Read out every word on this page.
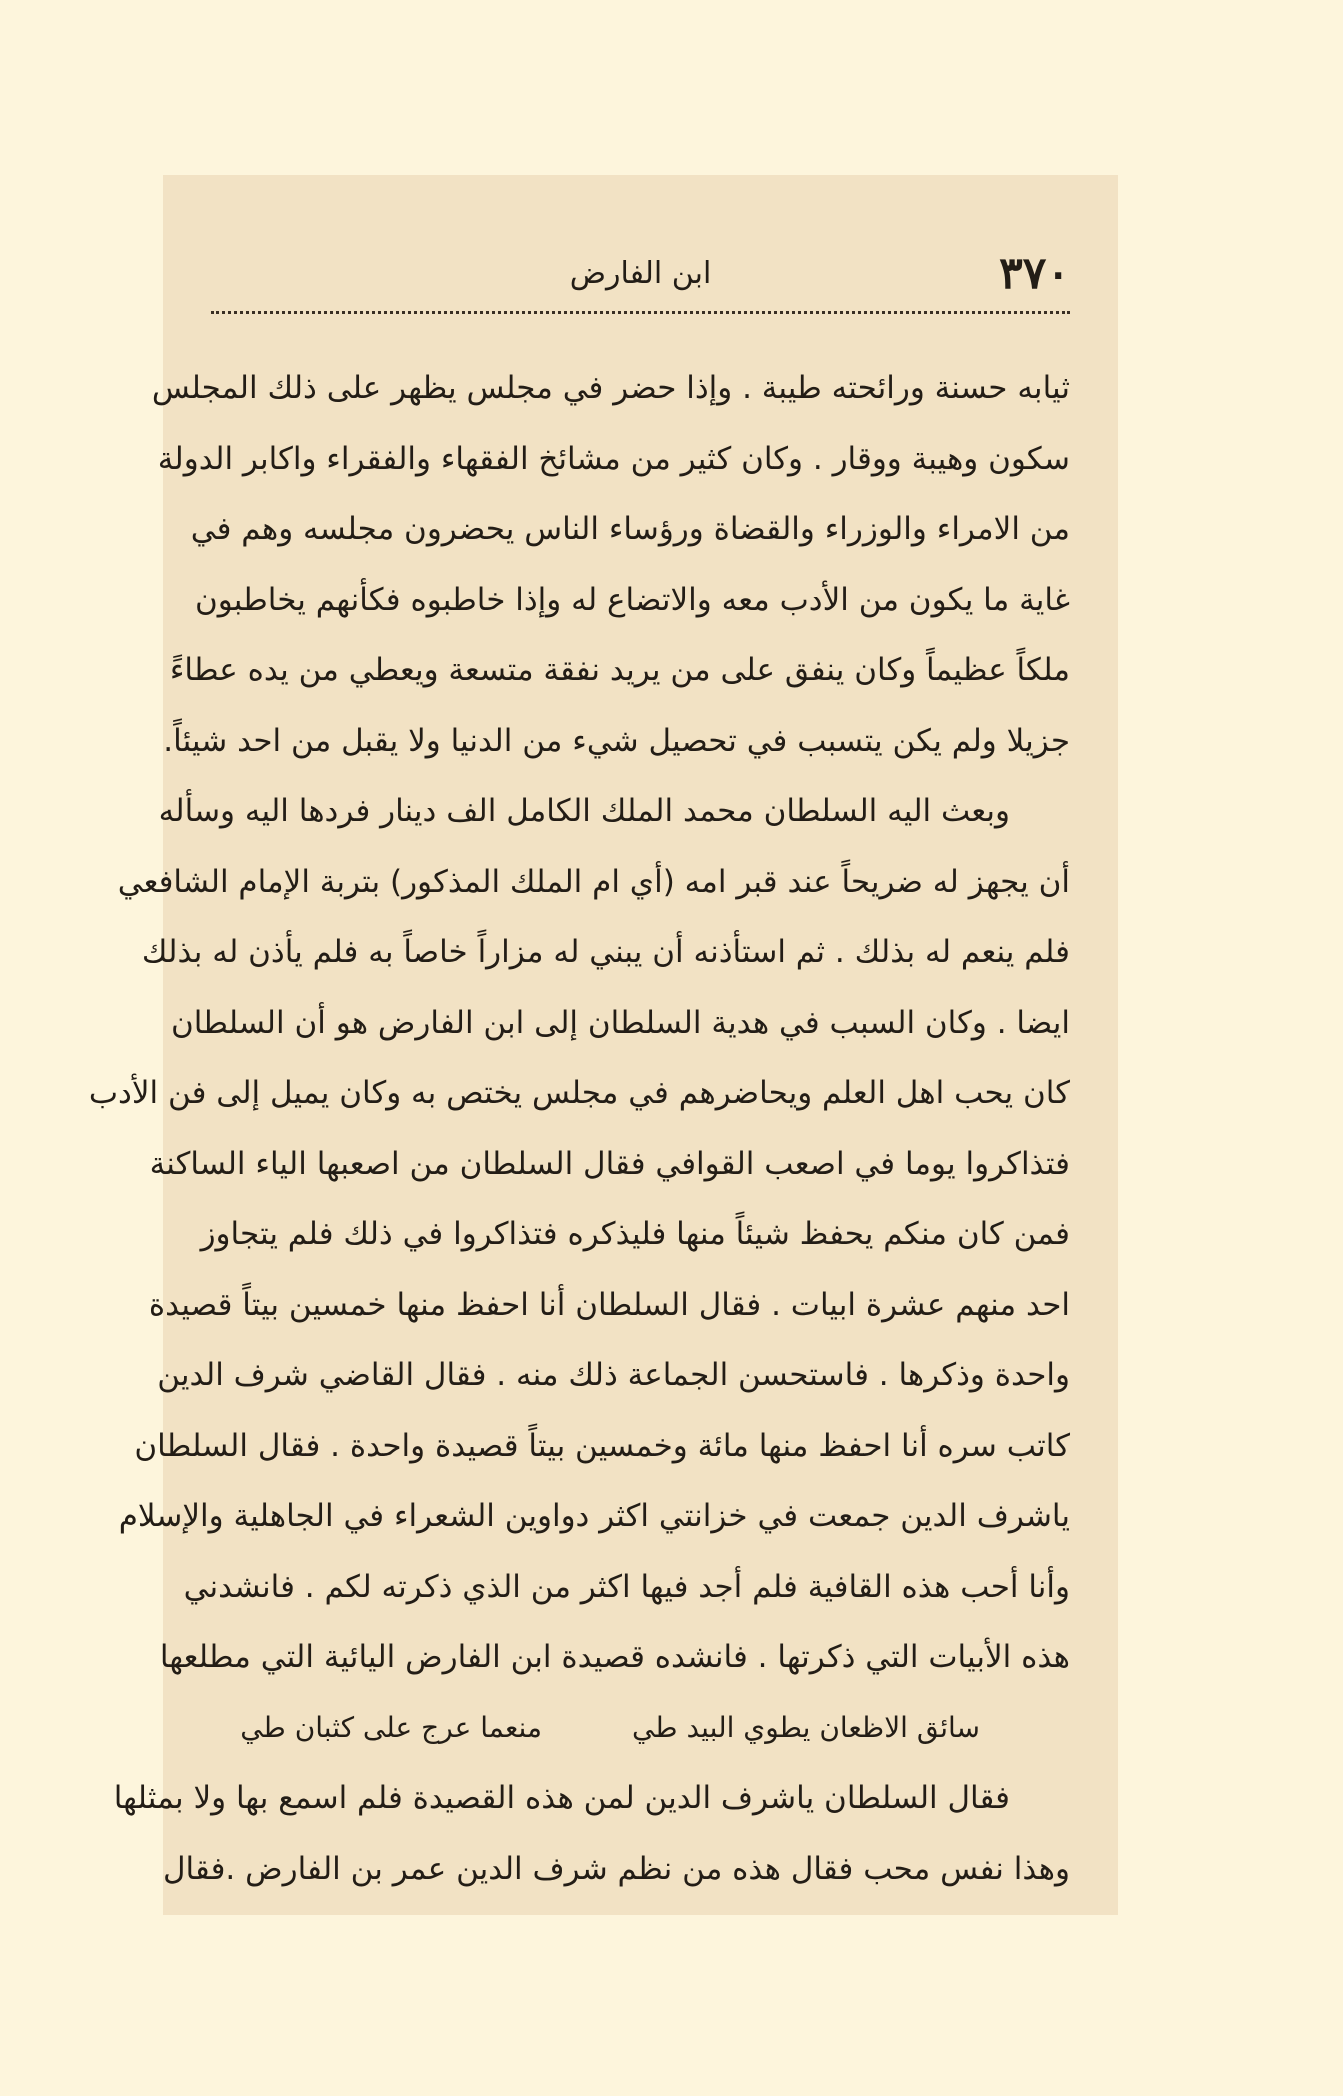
٣٧٠
ابن الفارض
ثيابه حسنة ورائحته طيبة . وإذا حضر في مجلس يظهر على ذلك المجلس
سكون وهيبة ووقار . وكان كثير من مشائخ الفقهاء والفقراء واكابر الدولة
من الامراء والوزراء والقضاة ورؤساء الناس يحضرون مجلسه وهم في
غاية ما يكون من الأدب معه والاتضاع له وإذا خاطبوه فكأنهم يخاطبون
ملكاً عظيماً وكان ينفق على من يريد نفقة متسعة ويعطي من يده عطاءً
جزيلا ولم يكن يتسبب في تحصيل شيء من الدنيا ولا يقبل من احد شيئاً.
وبعث اليه السلطان محمد الملك الكامل الف دينار فردها اليه وسأله
أن يجهز له ضريحاً عند قبر امه (أي ام الملك المذكور) بتربة الإمام الشافعي
فلم ينعم له بذلك . ثم استأذنه أن يبني له مزاراً خاصاً به فلم يأذن له بذلك
ايضا . وكان السبب في هدية السلطان إلى ابن الفارض هو أن السلطان
كان يحب اهل العلم ويحاضرهم في مجلس يختص به وكان يميل إلى فن الأدب
فتذاكروا يوما في اصعب القوافي فقال السلطان من اصعبها الياء الساكنة
فمن كان منكم يحفظ شيئاً منها فليذكره فتذاكروا في ذلك فلم يتجاوز
احد منهم عشرة ابيات . فقال السلطان أنا احفظ منها خمسين بيتاً قصيدة
واحدة وذكرها . فاستحسن الجماعة ذلك منه . فقال القاضي شرف الدين
كاتب سره أنا احفظ منها مائة وخمسين بيتاً قصيدة واحدة . فقال السلطان
ياشرف الدين جمعت في خزانتي اكثر دواوين الشعراء في الجاهلية والإسلام
وأنا أحب هذه القافية فلم أجد فيها اكثر من الذي ذكرته لكم . فانشدني
هذه الأبيات التي ذكرتها . فانشده قصيدة ابن الفارض اليائية التي مطلعها
سائق الاظعان يطوي البيد طي
منعما عرج على كثبان طي
فقال السلطان ياشرف الدين لمن هذه القصيدة فلم اسمع بها ولا بمثلها
وهذا نفس محب فقال هذه من نظم شرف الدين عمر بن الفارض .فقال
